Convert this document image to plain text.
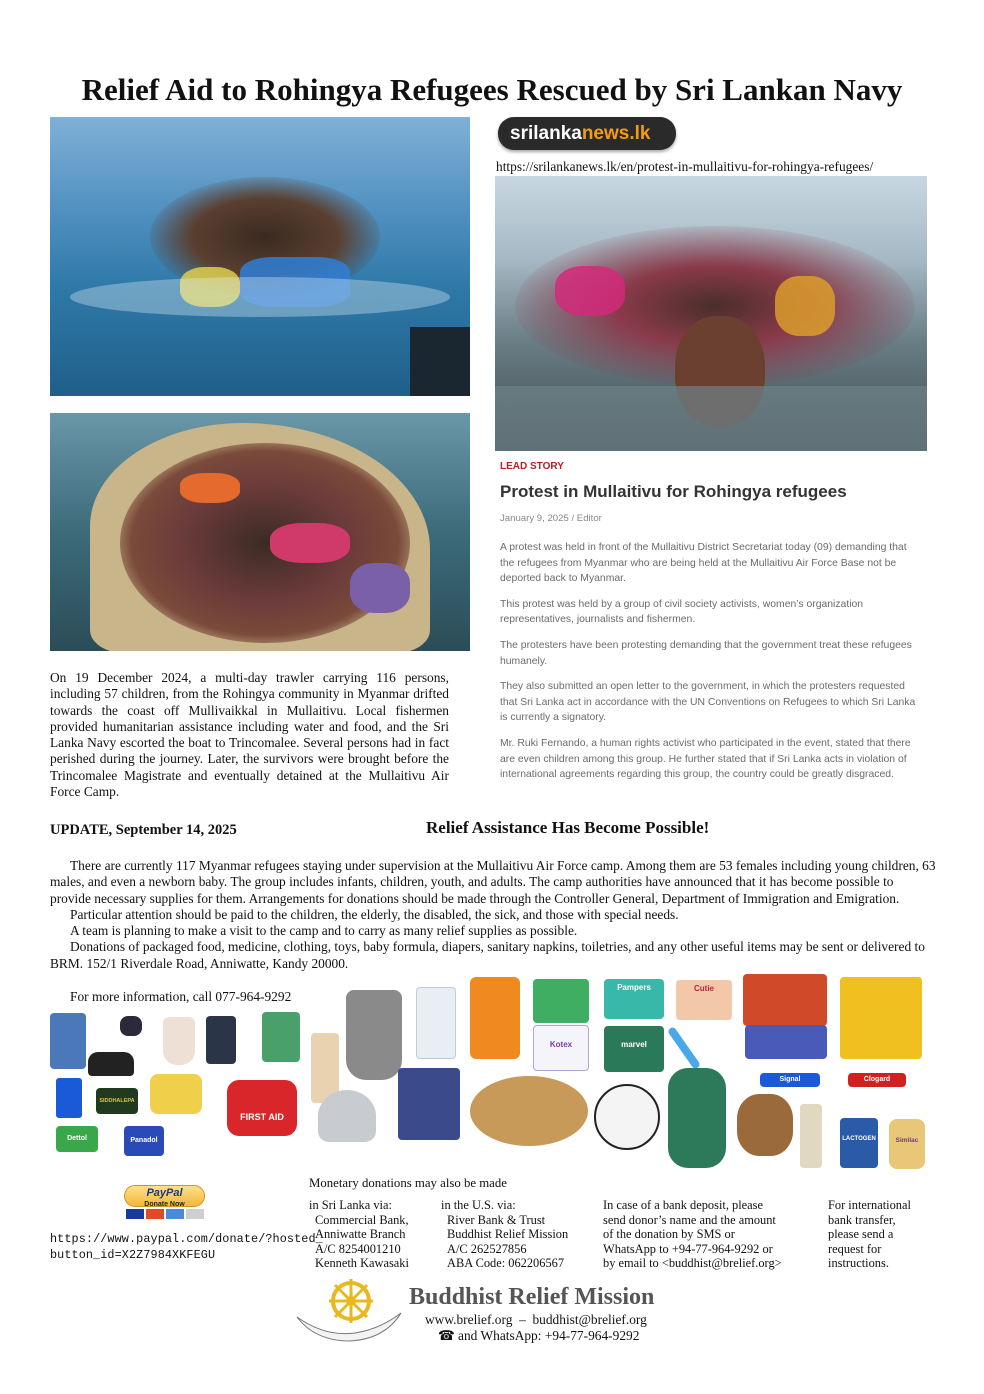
Relief Aid to Rohingya Refugees Rescued by Sri Lankan Navy
srilankanews.lk
https://srilankanews.lk/en/protest-in-mullaitivu-for-rohingya-refugees/
LEAD STORY
Protest in Mullaitivu for Rohingya refugees
January 9, 2025 / Editor

A protest was held in front of the Mullaitivu District Secretariat today (09) demanding that the refugees from Myanmar who are being held at the Mullaitivu Air Force Base not be deported back to Myanmar.

This protest was held by a group of civil society activists, women’s organization representatives, journalists and fishermen.

The protesters have been protesting demanding that the government treat these refugees humanely.

They also submitted an open letter to the government, in which the protesters requested that Sri Lanka act in accordance with the UN Conventions on Refugees to which Sri Lanka is currently a signatory.

Mr. Ruki Fernando, a human rights activist who participated in the event, stated that there are even children among this group. He further stated that if Sri Lanka acts in violation of international agreements regarding this group, the country could be greatly disgraced.

On 19 December 2024, a multi-day trawler carrying 116 persons, including 57 children, from the Rohingya community in Myanmar drifted towards the coast off Mullivaikkal in Mullaitivu. Local fishermen provided humanitarian assistance including water and food, and the Sri Lanka Navy escorted the boat to Trincomalee. Several persons had in fact perished during the journey. Later, the survivors were brought before the Trincomalee Magistrate and eventually detained at the Mullaitivu Air Force Camp.
UPDATE, September 14, 2025	Relief Assistance Has Become Possible!
There are currently 117 Myanmar refugees staying under supervision at the Mullaitivu Air Force camp. Among them are 53 females including young children, 63 males, and even a newborn baby. The group includes infants, children, youth, and adults. The camp authorities have announced that it has become possible to provide necessary supplies for them. Arrangements for donations should be made through the Controller General, Department of Immigration and Emigration.
Particular attention should be paid to the children, the elderly, the disabled, the sick, and those with special needs.
A team is planning to make a visit to the camp and to carry as many relief supplies as possible.
Donations of packaged food, medicine, clothing, toys, baby formula, diapers, sanitary napkins, toiletries, and any other useful items may be sent or delivered to BRM. 152/1 Riverdale Road, Anniwatte, Kandy 20000.
For more information, call 077-964-9292
Pampers	Cutie
Kotex	marvel
Signal	Clogard
SIDDHALEPA
FIRST AID
LACTOGEN	Similac
Dettol	Panadol
PayPal
Donate Now
https://www.paypal.com/donate/?hosted_
button_id=X2Z7984XKFEGU
Monetary donations may also be made
in Sri Lanka via:
Commercial Bank,
Anniwatte Branch
A/C 8254001210
Kenneth Kawasaki
in the U.S. via:
River Bank & Trust
Buddhist Relief Mission
A/C 262527856
ABA Code: 062206567
In case of a bank deposit, please
send donor’s name and the amount
of the donation by SMS or
WhatsApp to +94-77-964-9292 or
by email to <buddhist@brelief.org>
For international
bank transfer,
please send a
request for
instructions.
Buddhist Relief Mission
www.brelief.org  –  buddhist@brelief.org
☎ and WhatsApp: +94-77-964-9292
